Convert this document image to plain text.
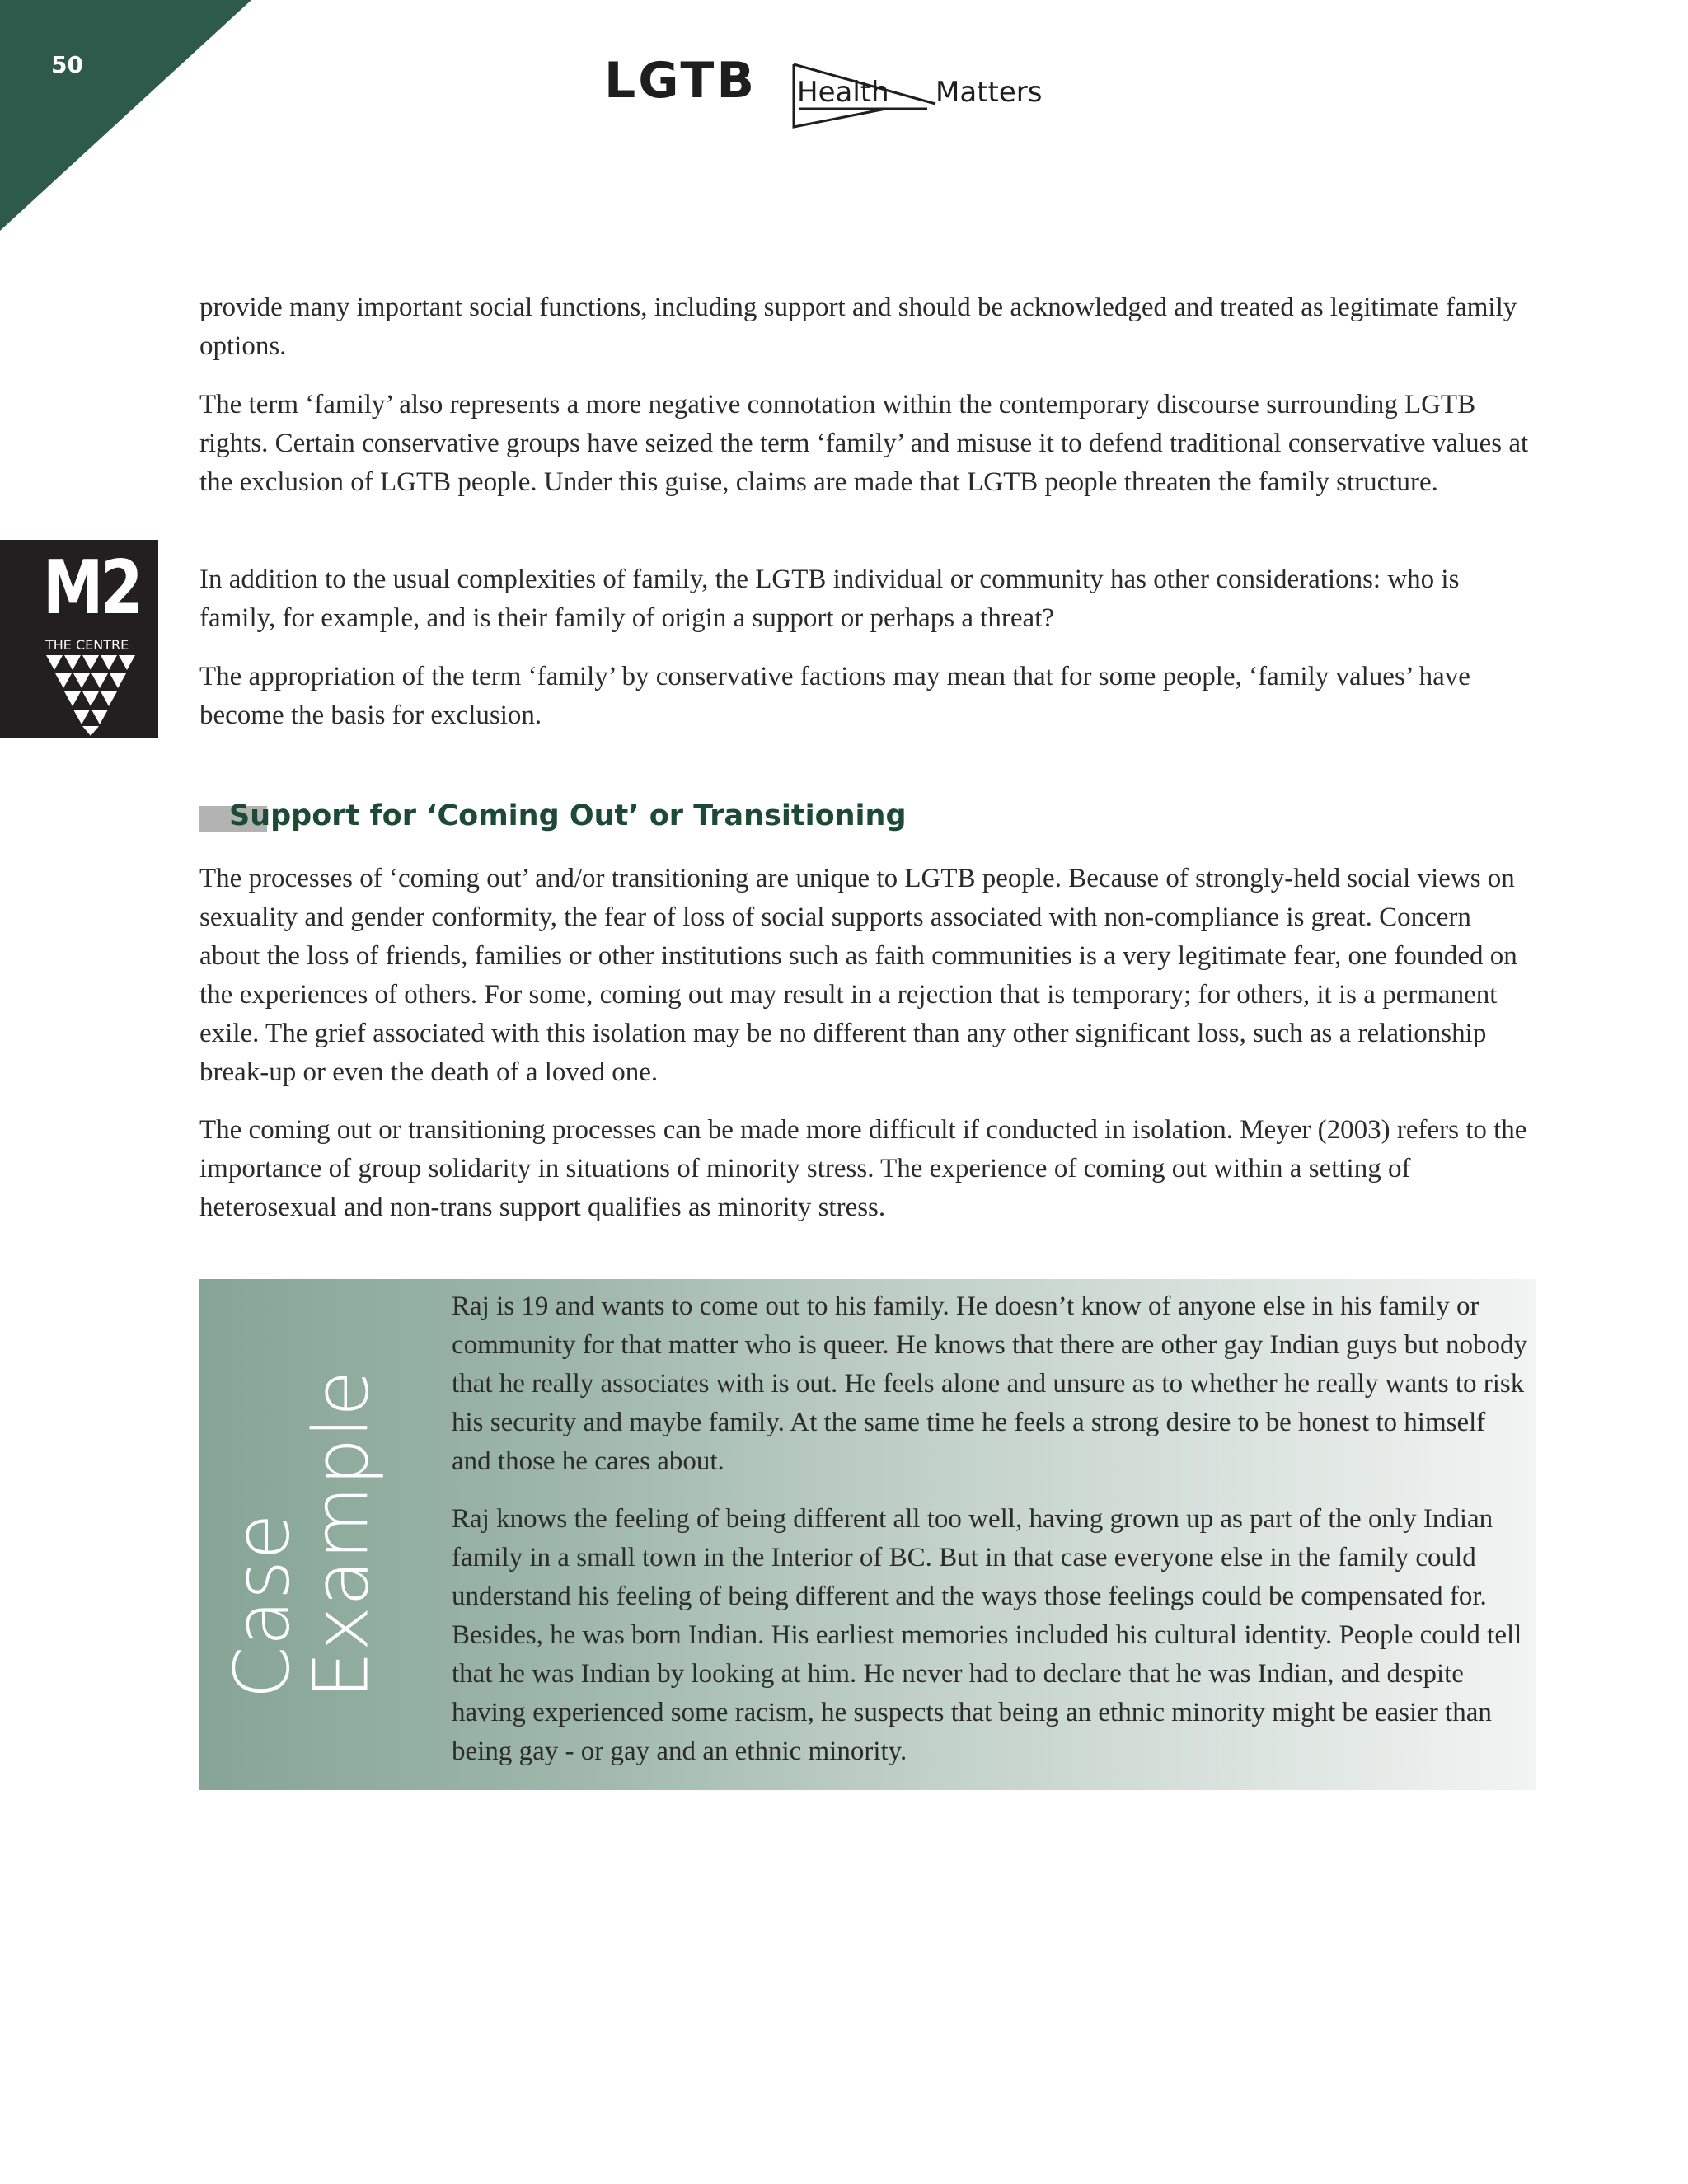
50	LGTB Health Matters
M2
THE CENTRE

provide many important social functions, including support and should be acknowledged and treated as legitimate family options.

The term ‘family’ also represents a more negative connotation within the contemporary discourse surrounding LGTB rights. Certain conservative groups have seized the term ‘family’ and misuse it to defend traditional conservative values at the exclusion of LGTB people. Under this guise, claims are made that LGTB people threaten the family structure.

In addition to the usual complexities of family, the LGTB individual or community has other considerations: who is family, for example, and is their family of origin a support or perhaps a threat?

The appropriation of the term ‘family’ by conservative factions may mean that for some people, ‘family values’ have become the basis for exclusion.

Support for ‘Coming Out’ or Transitioning

The processes of ‘coming out’ and/or transitioning are unique to LGTB people. Because of strongly-held social views on sexuality and gender conformity, the fear of loss of social supports associated with non-compliance is great. Concern about the loss of friends, families or other institutions such as faith communities is a very legitimate fear, one founded on the experiences of others. For some, coming out may result in a rejection that is temporary; for others, it is a permanent exile. The grief associated with this isolation may be no different than any other significant loss, such as a relationship break-up or even the death of a loved one.

The coming out or transitioning processes can be made more difficult if conducted in isolation. Meyer (2003) refers to the importance of group solidarity in situations of minority stress. The experience of coming out within a setting of heterosexual and non-trans support qualifies as minority stress.

Case
Example

Raj is 19 and wants to come out to his family. He doesn’t know of anyone else in his family or community for that matter who is queer. He knows that there are other gay Indian guys but nobody that he really associates with is out. He feels alone and unsure as to whether he really wants to risk his security and maybe family. At the same time he feels a strong desire to be honest to himself and those he cares about.

Raj knows the feeling of being different all too well, having grown up as part of the only Indian family in a small town in the Interior of BC. But in that case everyone else in the family could understand his feeling of being different and the ways those feelings could be compensated for. Besides, he was born Indian. His earliest memories included his cultural identity. People could tell that he was Indian by looking at him. He never had to declare that he was Indian, and despite having experienced some racism, he suspects that being an ethnic minority might be easier than being gay - or gay and an ethnic minority.
